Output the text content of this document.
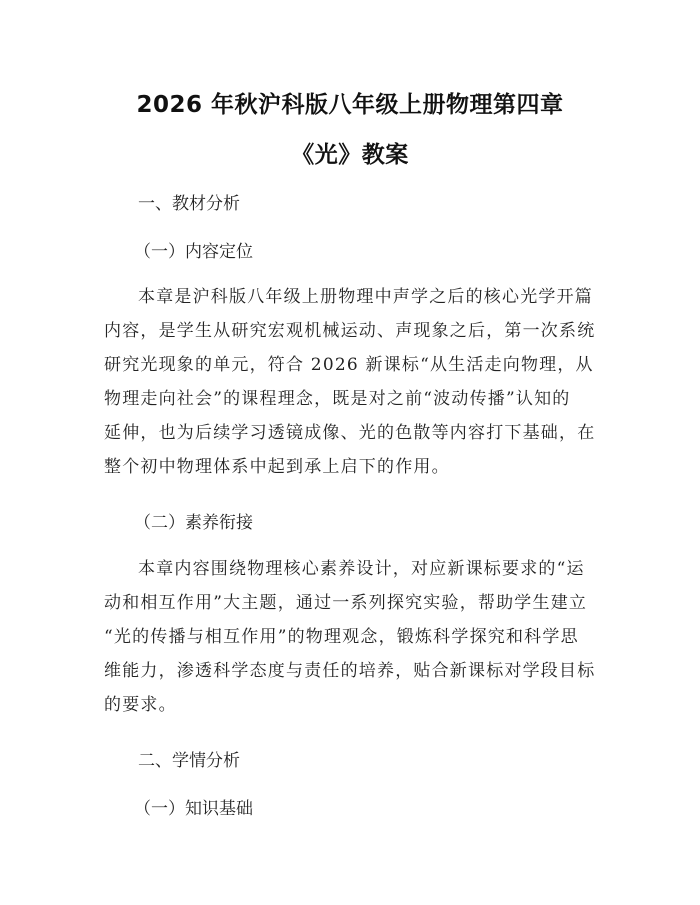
2026 年秋沪科版八年级上册物理第四章
《光》教案
一、教材分析
（一）内容定位
本章是沪科版八年级上册物理中声学之后的核心光学开篇
内容，是学生从研究宏观机械运动、声现象之后，第一次系统
研究光现象的单元，符合 2026 新课标“从生活走向物理，从
物理走向社会”的课程理念，既是对之前“波动传播”认知的
延伸，也为后续学习透镜成像、光的色散等内容打下基础，在
整个初中物理体系中起到承上启下的作用。
（二）素养衔接
本章内容围绕物理核心素养设计，对应新课标要求的“运
动和相互作用”大主题，通过一系列探究实验，帮助学生建立
“光的传播与相互作用”的物理观念，锻炼科学探究和科学思
维能力，渗透科学态度与责任的培养，贴合新课标对学段目标
的要求。
二、学情分析
（一）知识基础
